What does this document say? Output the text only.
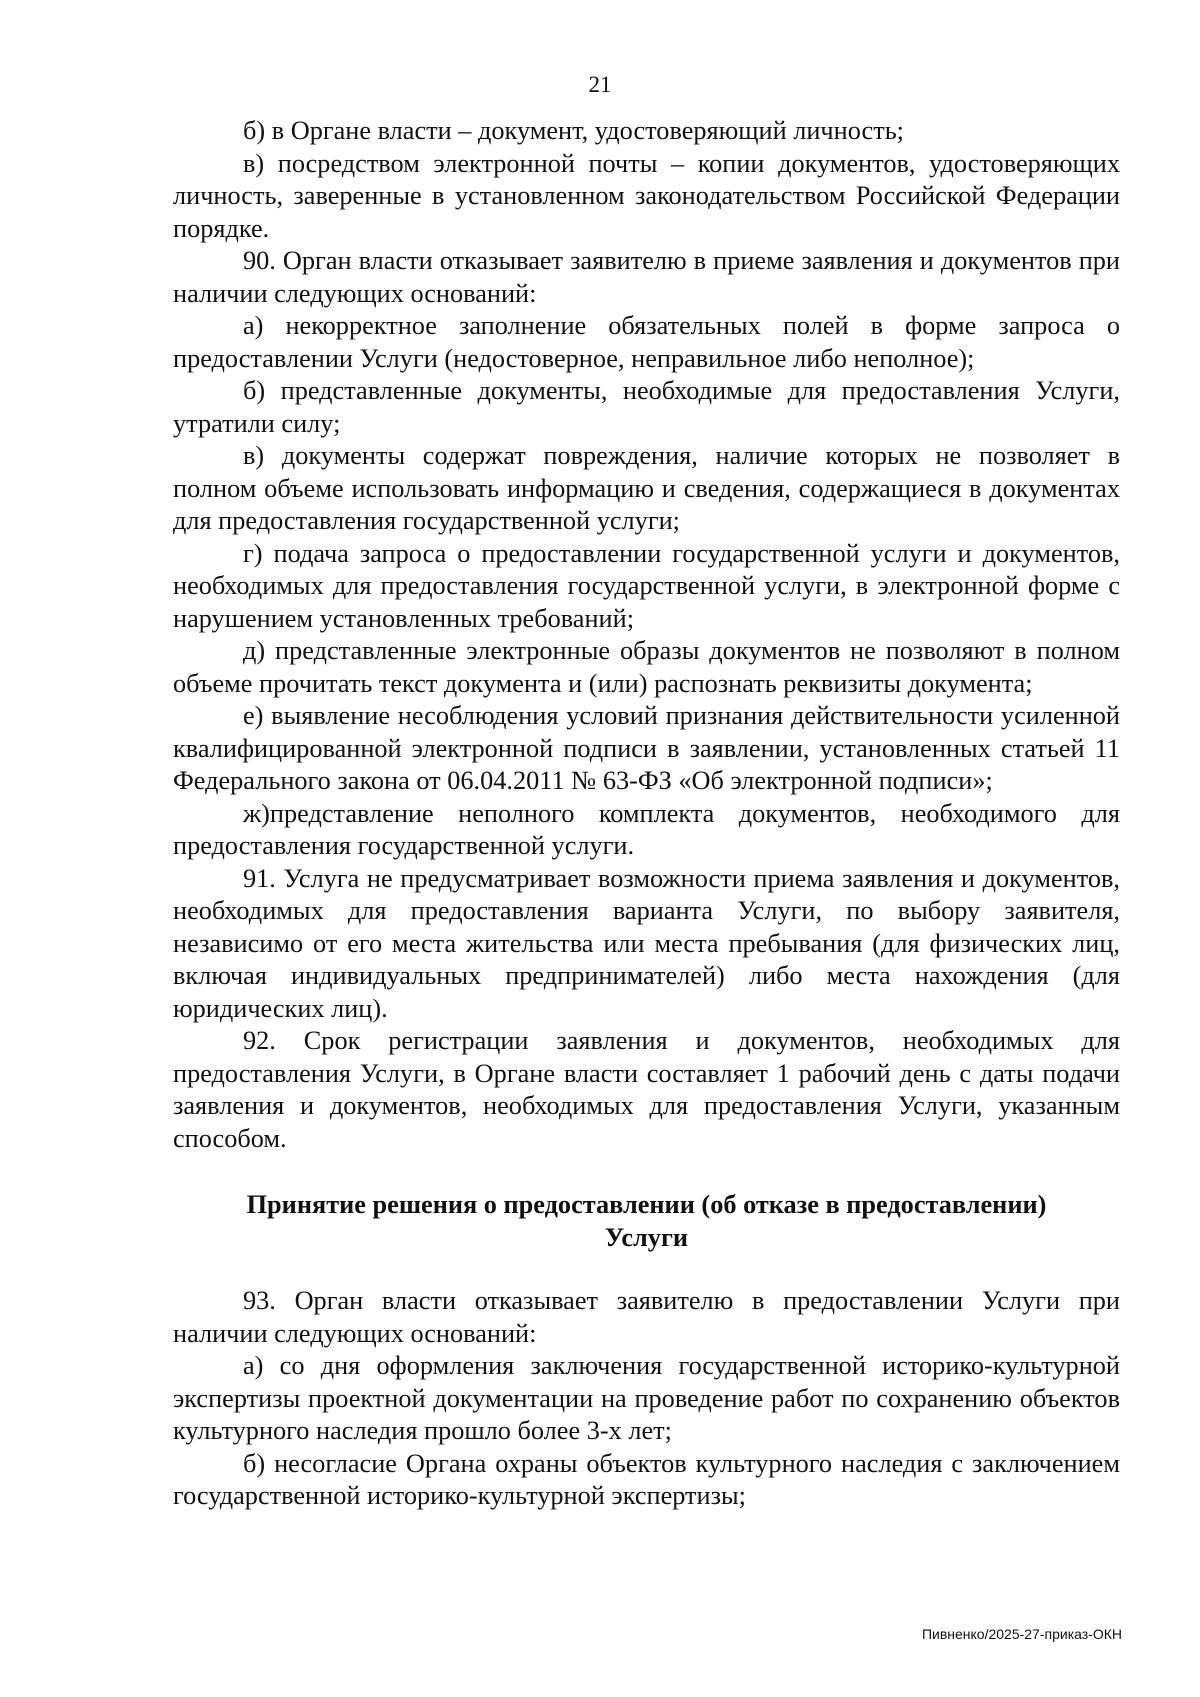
21

б) в Органе власти – документ, удостоверяющий личность;

в) посредством электронной почты – копии документов, удостоверяющих личность, заверенные в установленном законодательством Российской Федерации порядке.

90. Орган власти отказывает заявителю в приеме заявления и документов при наличии следующих оснований:

а) некорректное заполнение обязательных полей в форме запроса о предоставлении Услуги (недостоверное, неправильное либо неполное);

б) представленные документы, необходимые для предоставления Услуги, утратили силу;

в) документы содержат повреждения, наличие которых не позволяет в полном объеме использовать информацию и сведения, содержащиеся в документах для предоставления государственной услуги;

г) подача запроса о предоставлении государственной услуги и документов, необходимых для предоставления государственной услуги, в электронной форме с нарушением установленных требований;

д) представленные электронные образы документов не позволяют в полном объеме прочитать текст документа и (или) распознать реквизиты документа;

е) выявление несоблюдения условий признания действительности усиленной квалифицированной электронной подписи в заявлении, установленных статьей 11 Федерального закона от 06.04.2011 № 63-ФЗ «Об электронной подписи»;

ж)представление неполного комплекта документов, необходимого для предоставления государственной услуги.

91. Услуга не предусматривает возможности приема заявления и документов, необходимых для предоставления варианта Услуги, по выбору заявителя, независимо от его места жительства или места пребывания (для физических лиц, включая индивидуальных предпринимателей) либо места нахождения (для юридических лиц).

92. Срок регистрации заявления и документов, необходимых для предоставления Услуги, в Органе власти составляет 1 рабочий день с даты подачи заявления и документов, необходимых для предоставления Услуги, указанным способом.

Принятие решения о предоставлении (об отказе в предоставлении)
Услуги

93. Орган власти отказывает заявителю в предоставлении Услуги при наличии следующих оснований:

а) со дня оформления заключения государственной историко-культурной экспертизы проектной документации на проведение работ по сохранению объектов культурного наследия прошло более 3-х лет;

б) несогласие Органа охраны объектов культурного наследия с заключением государственной историко-культурной экспертизы;

Пивненко/2025-27-приказ-ОКН
